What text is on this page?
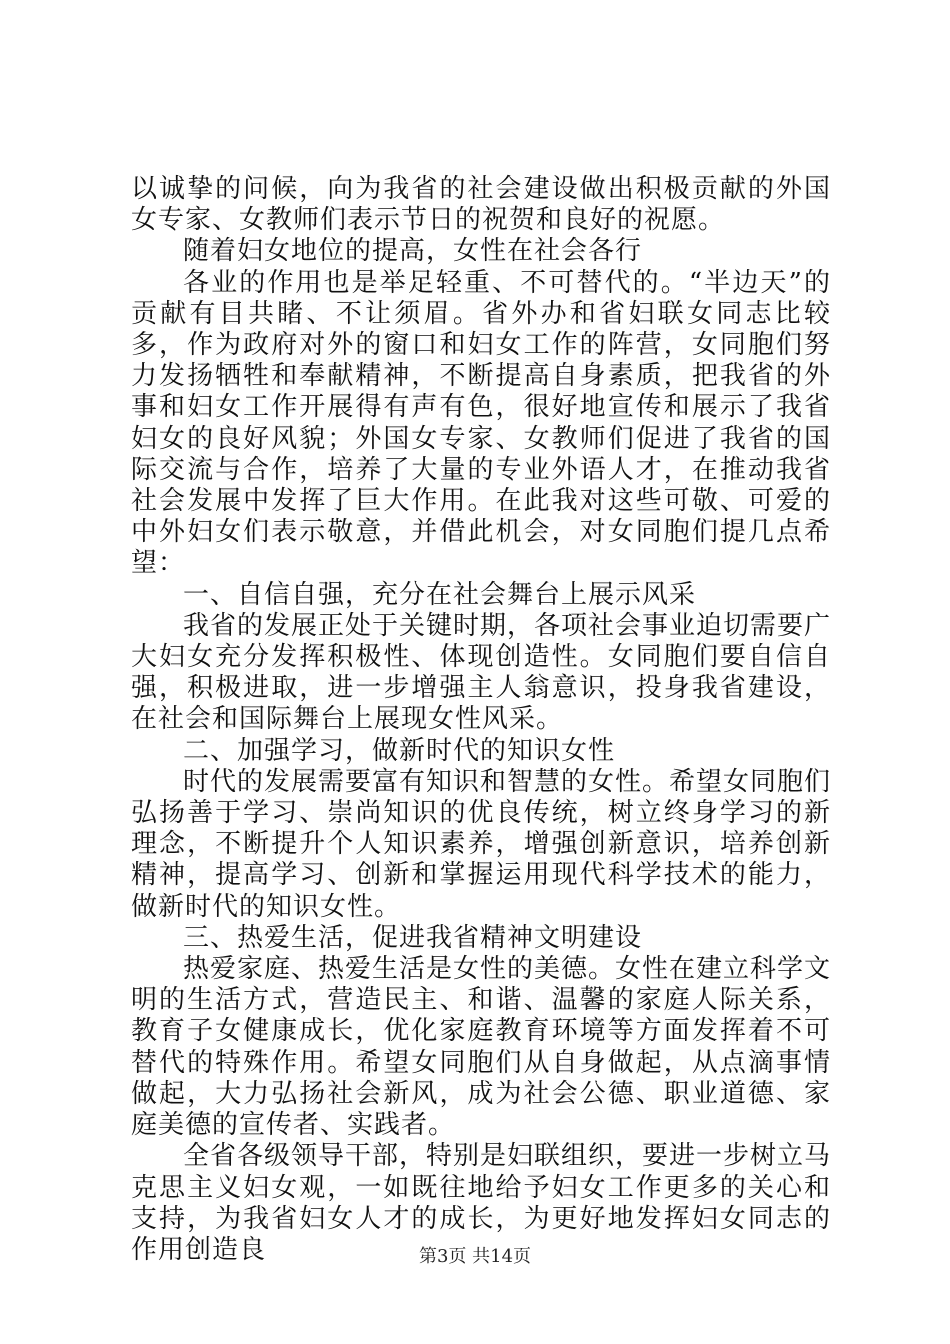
以诚挚的问候，向为我省的社会建设做出积极贡献的外国女专家、女教师们表示节日的祝贺和良好的祝愿。

随着妇女地位的提高，女性在社会各行

各业的作用也是举足轻重、不可替代的。“半边天”的贡献有目共睹、不让须眉。省外办和省妇联女同志比较多，作为政府对外的窗口和妇女工作的阵营，女同胞们努力发扬牺牲和奉献精神，不断提高自身素质，把我省的外事和妇女工作开展得有声有色，很好地宣传和展示了我省妇女的良好风貌；外国女专家、女教师们促进了我省的国际交流与合作，培养了大量的专业外语人才，在推动我省社会发展中发挥了巨大作用。在此我对这些可敬、可爱的中外妇女们表示敬意，并借此机会，对女同胞们提几点希望：

一、自信自强，充分在社会舞台上展示风采

我省的发展正处于关键时期，各项社会事业迫切需要广大妇女充分发挥积极性、体现创造性。女同胞们要自信自强，积极进取，进一步增强主人翁意识，投身我省建设，在社会和国际舞台上展现女性风采。

二、加强学习，做新时代的知识女性

时代的发展需要富有知识和智慧的女性。希望女同胞们弘扬善于学习、崇尚知识的优良传统，树立终身学习的新理念，不断提升个人知识素养，增强创新意识，培养创新精神，提高学习、创新和掌握运用现代科学技术的能力，做新时代的知识女性。

三、热爱生活，促进我省精神文明建设

热爱家庭、热爱生活是女性的美德。女性在建立科学文明的生活方式，营造民主、和谐、温馨的家庭人际关系，教育子女健康成长，优化家庭教育环境等方面发挥着不可替代的特殊作用。希望女同胞们从自身做起，从点滴事情做起，大力弘扬社会新风，成为社会公德、职业道德、家庭美德的宣传者、实践者。

全省各级领导干部，特别是妇联组织，要进一步树立马克思主义妇女观，一如既往地给予妇女工作更多的关心和支持，为我省妇女人才的成长，为更好地发挥妇女同志的作用创造良	第3页 共14页
